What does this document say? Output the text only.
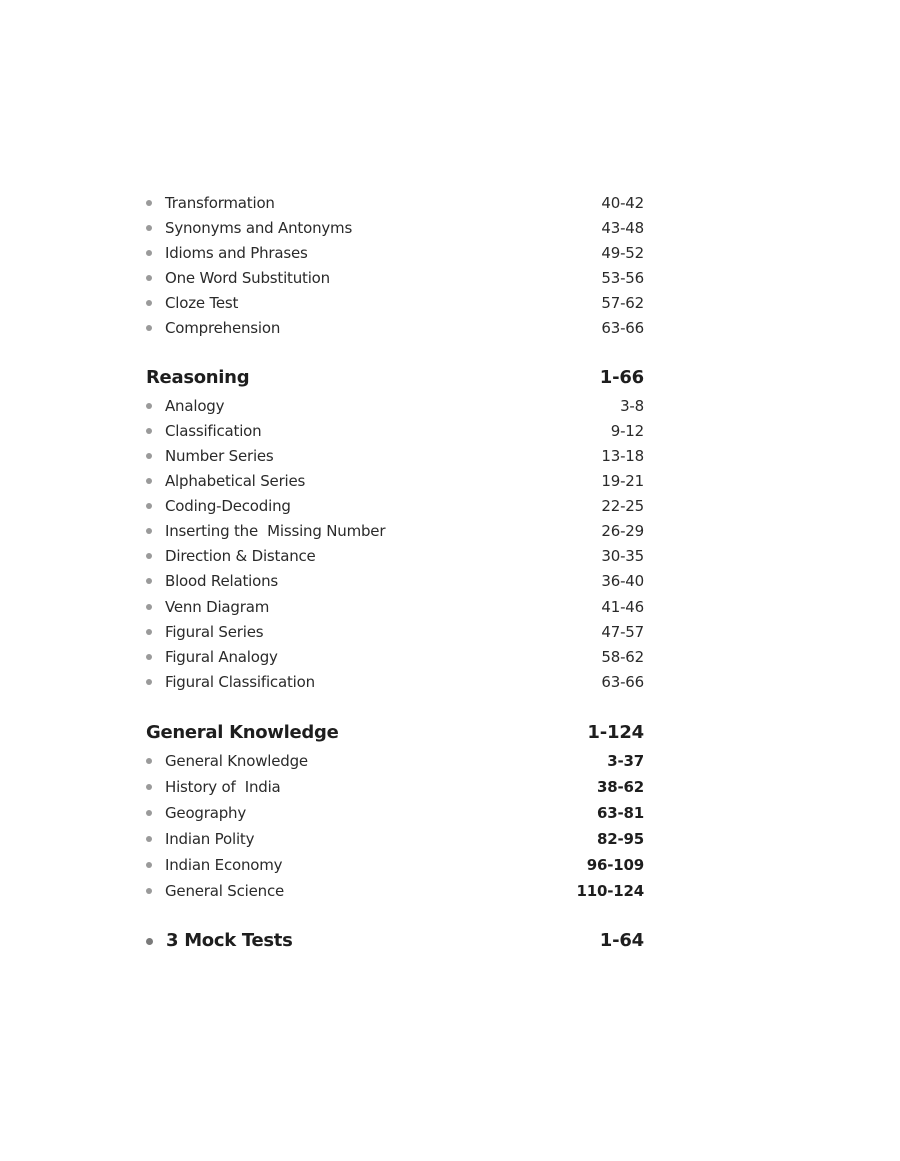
Transformation	40-42
Synonyms and Antonyms	43-48
Idioms and Phrases	49-52
One Word Substitution	53-56
Cloze Test	57-62
Comprehension	63-66
Reasoning	1-66
Analogy	3-8
Classification	9-12
Number Series	13-18
Alphabetical Series	19-21
Coding-Decoding	22-25
Inserting the  Missing Number	26-29
Direction & Distance	30-35
Blood Relations	36-40
Venn Diagram	41-46
Figural Series	47-57
Figural Analogy	58-62
Figural Classification	63-66
General Knowledge	1-124
General Knowledge	3-37
History of  India	38-62
Geography	63-81
Indian Polity	82-95
Indian Economy	96-109
General Science	110-124
3 Mock Tests	1-64
